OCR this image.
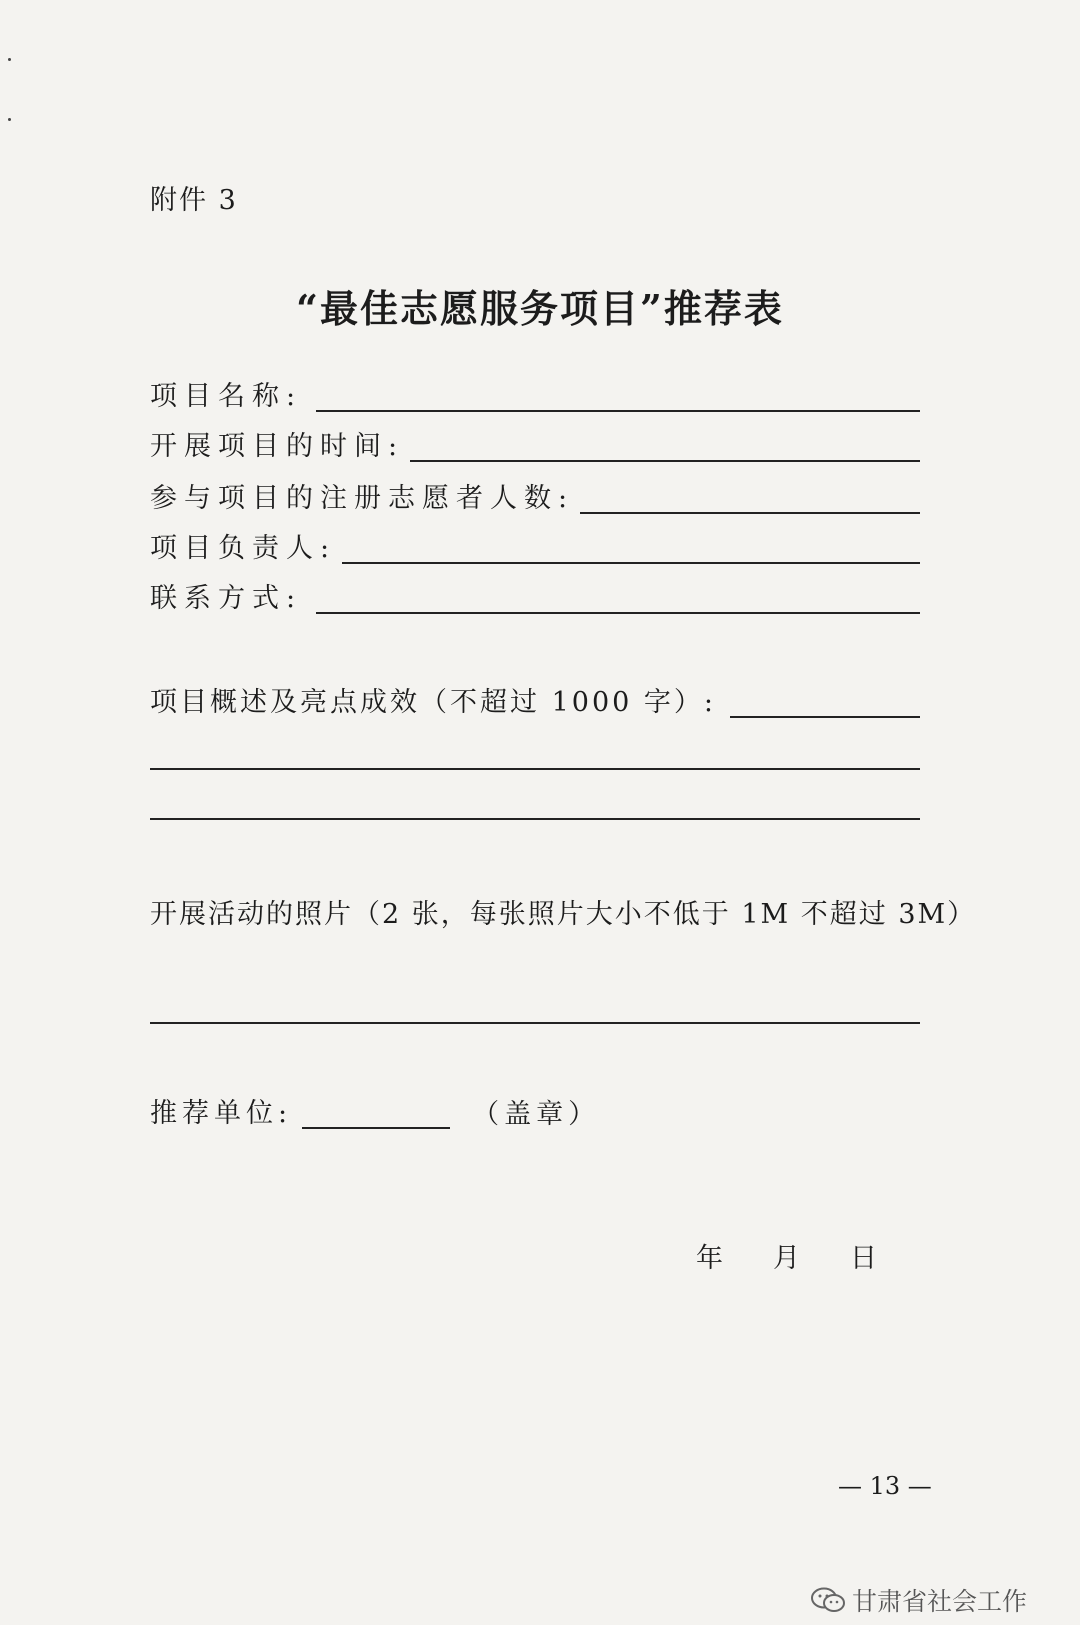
附件 3
“最佳志愿服务项目”推荐表
项目名称:
开展项目的时间:
参与项目的注册志愿者人数:
项目负责人:
联系方式:
项目概述及亮点成效（不超过 1000 字）:
开展活动的照片（2 张，每张照片大小不低于 1M 不超过 3M）
推荐单位:	（盖章）
年 月 日
— 13 —
甘肃省社会工作
